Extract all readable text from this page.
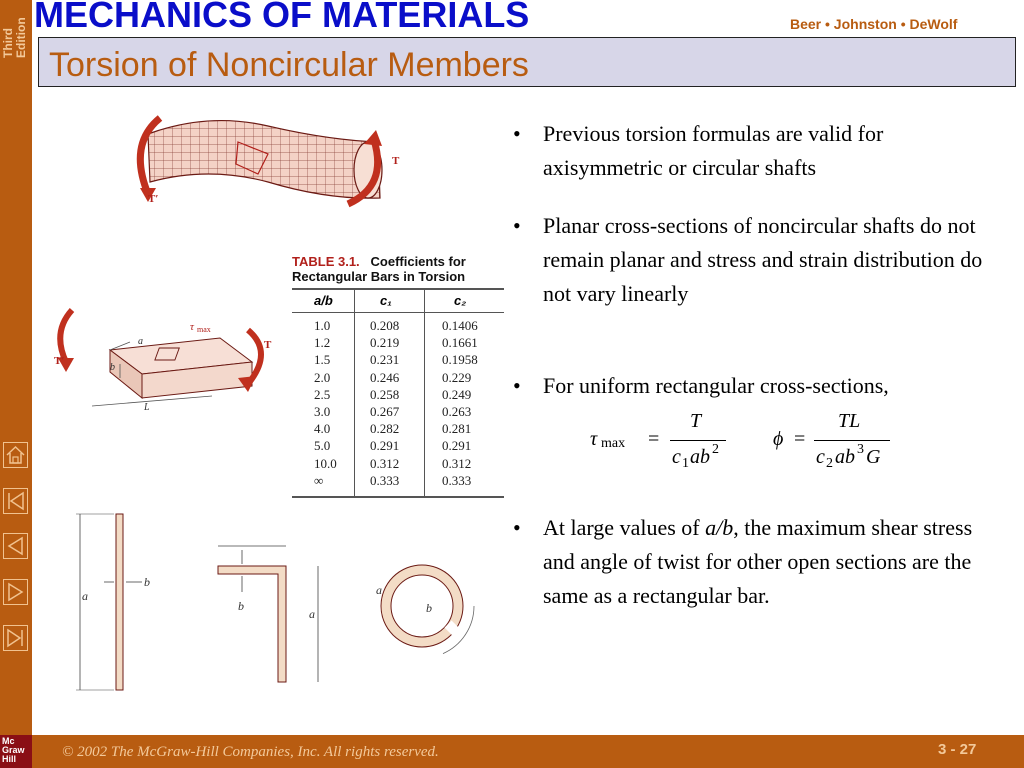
Third Edition
MECHANICS OF MATERIALS	Beer • Johnston • DeWolf
Torsion of Noncircular Members
T
T′
T′
T
τ max
a
b
L
TABLE 3.1. Coefficients for
Rectangular Bars in Torsion
a/b	c₁	c₂
1.0	0.208	0.1406
1.2	0.219	0.1661
1.5	0.231	0.1958
2.0	0.246	0.229
2.5	0.258	0.249
3.0	0.267	0.263
4.0	0.282	0.281
5.0	0.291	0.291
10.0	0.312	0.312
∞	0.333	0.333
a
b
b
a
a
b
• Previous torsion formulas are valid for axisymmetric or circular shafts
• Planar cross-sections of noncircular shafts do not remain planar and stress and strain distribution do not vary linearly
• For uniform rectangular cross-sections,
τ max =
T
c 1 ab 2	ϕ =
TL
c 2 ab 3 G
• At large values of a/b, the maximum shear stress and angle of twist for other open sections are the same as a rectangular bar.
Mc
Graw
Hill	© 2002 The McGraw-Hill Companies, Inc. All rights reserved.	3 - 27
